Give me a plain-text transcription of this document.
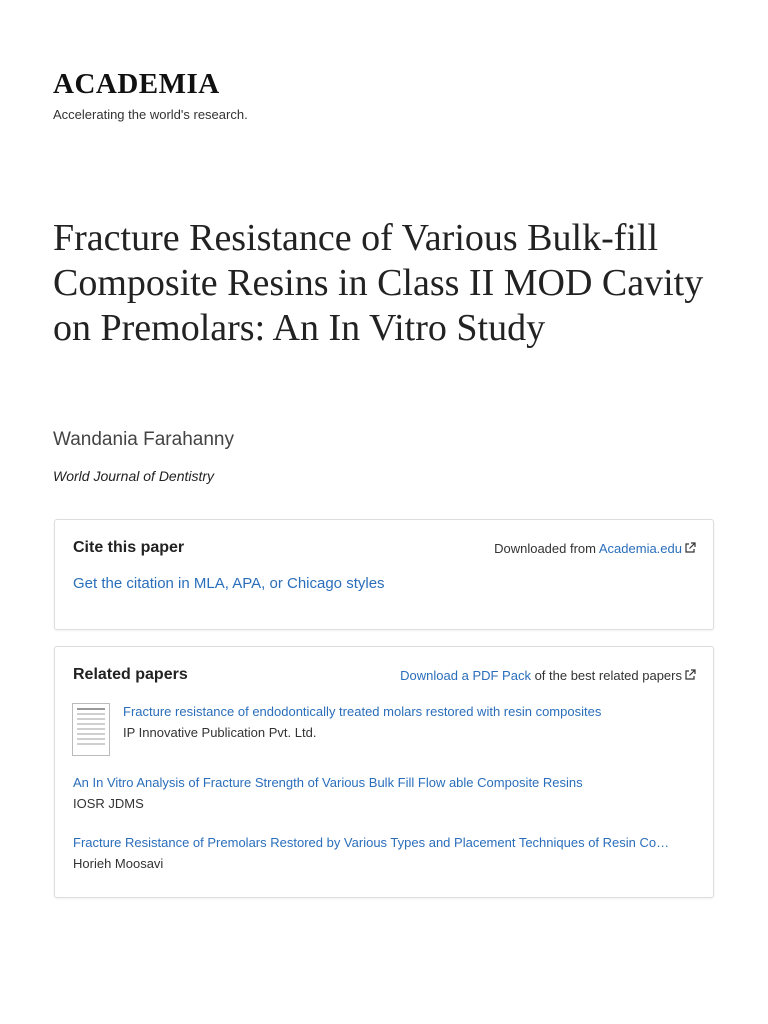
ACADEMIA
Accelerating the world's research.
Fracture Resistance of Various Bulk-fill Composite Resins in Class II MOD Cavity on Premolars: An In Vitro Study
Wandania Farahanny
World Journal of Dentistry
Cite this paper	Downloaded from Academia.edu
Get the citation in MLA, APA, or Chicago styles
Related papers	Download a PDF Pack of the best related papers
Fracture resistance of endodontically treated molars restored with resin composites
IP Innovative Publication Pvt. Ltd.
An In Vitro Analysis of Fracture Strength of Various Bulk Fill Flow able Composite Resins
IOSR JDMS
Fracture Resistance of Premolars Restored by Various Types and Placement Techniques of Resin Co…
Horieh Moosavi
